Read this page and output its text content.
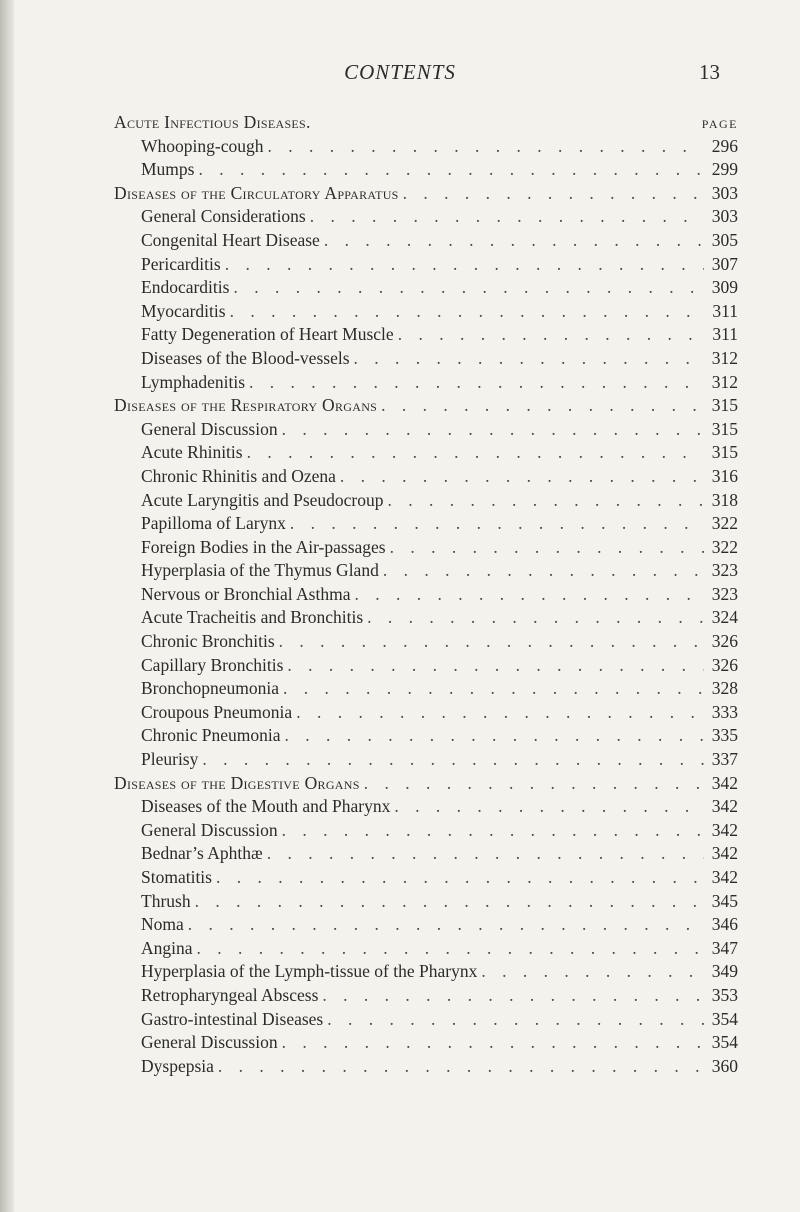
CONTENTS	13
Acute Infectious Diseases.	PAGE
Whooping-cough . . .	296
Mumps . . .	299
Diseases of the Circulatory Apparatus . . .	303
General Considerations . . .	303
Congenital Heart Disease . . .	305
Pericarditis . . .	307
Endocarditis . . .	309
Myocarditis . . .	311
Fatty Degeneration of Heart Muscle . . .	311
Diseases of the Blood-vessels . . .	312
Lymphadenitis . . .	312
Diseases of the Respiratory Organs . . .	315
General Discussion . . .	315
Acute Rhinitis . . .	315
Chronic Rhinitis and Ozena . . .	316
Acute Laryngitis and Pseudocroup . . .	318
Papilloma of Larynx . . .	322
Foreign Bodies in the Air-passages . . .	322
Hyperplasia of the Thymus Gland . . .	323
Nervous or Bronchial Asthma . . .	323
Acute Tracheitis and Bronchitis . . .	324
Chronic Bronchitis . . .	326
Capillary Bronchitis . . .	326
Bronchopneumonia . . .	328
Croupous Pneumonia . . .	333
Chronic Pneumonia . . .	335
Pleurisy . . .	337
Diseases of the Digestive Organs . . .	342
Diseases of the Mouth and Pharynx . . .	342
General Discussion . . .	342
Bednar’s Aphthæ . . .	342
Stomatitis . . .	342
Thrush . . .	345
Noma . . .	346
Angina . . .	347
Hyperplasia of the Lymph-tissue of the Pharynx . . .	349
Retropharyngeal Abscess . . .	353
Gastro-intestinal Diseases . . .	354
General Discussion . . .	354
Dyspepsia . . .	360
